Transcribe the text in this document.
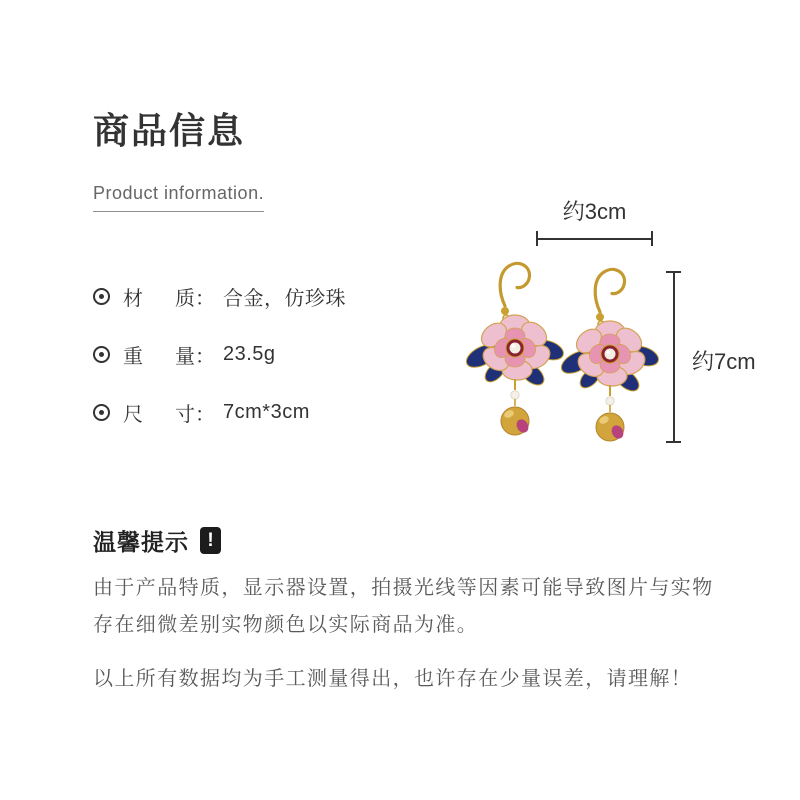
商品信息

Product information.
材 质 ： 合金，仿珍珠
重 量 ： 23.5g
尺 寸 ： 7cm*3cm
约3cm
约7cm
温馨提示 !

由于产品特质，显示器设置，拍摄光线等因素可能导致图片与实物存在细微差别实物颜色以实际商品为准。

以上所有数据均为手工测量得出，也许存在少量误差，请理解！
